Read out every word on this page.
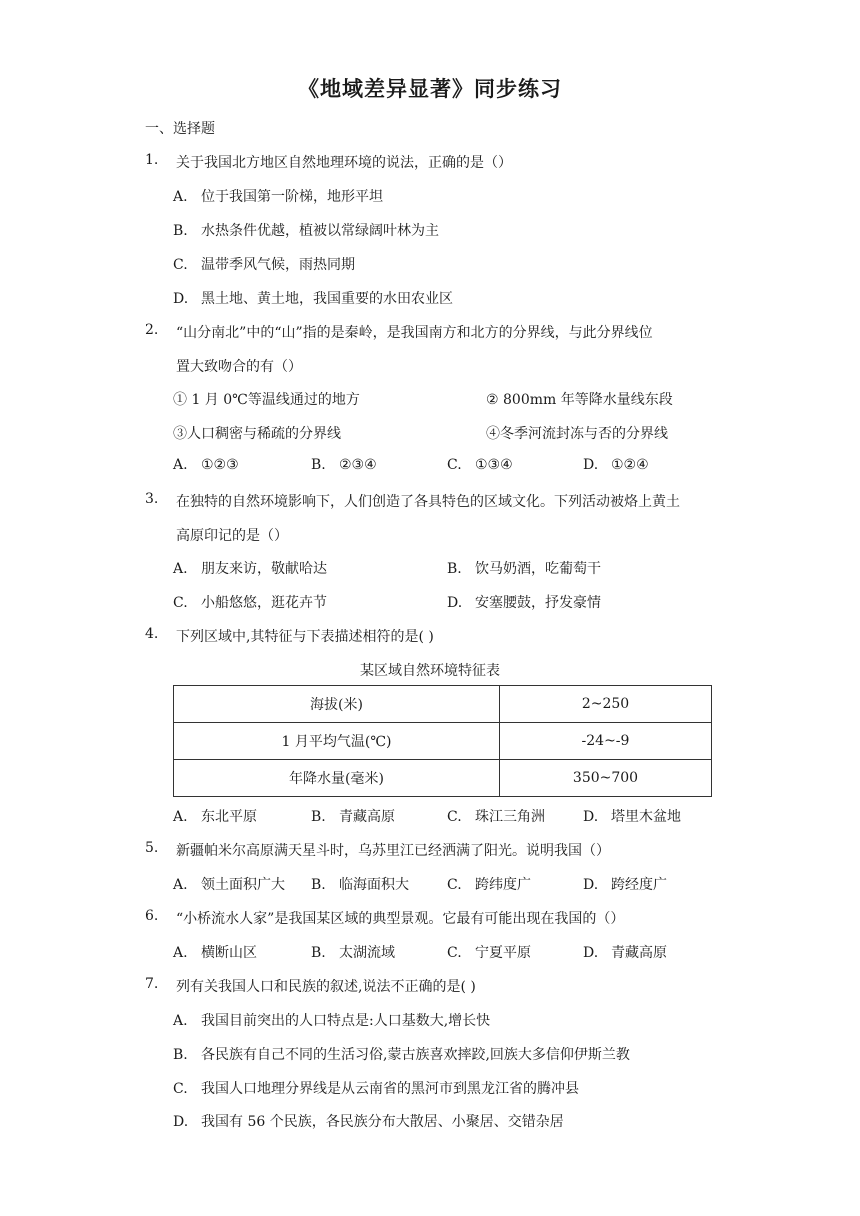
《地域差异显著》同步练习
一、选择题
1. 关于我国北方地区自然地理环境的说法，正确的是（）
A. 位于我国第一阶梯，地形平坦
B. 水热条件优越，植被以常绿阔叶林为主
C. 温带季风气候，雨热同期
D. 黑土地、黄土地，我国重要的水田农业区
2. “山分南北”中的“山”指的是秦岭，是我国南方和北方的分界线，与此分界线位
置大致吻合的有（）
① 1 月 0℃等温线通过的地方	② 800mm 年等降水量线东段
③人口稠密与稀疏的分界线	④冬季河流封冻与否的分界线
A. ①②③	B. ②③④	C. ①③④	D. ①②④
3. 在独特的自然环境影响下，人们创造了各具特色的区域文化。下列活动被烙上黄土
高原印记的是（）
A. 朋友来访，敬献哈达	B. 饮马奶酒，吃葡萄干
C. 小船悠悠，逛花卉节	D. 安塞腰鼓，抒发豪情
4. 下列区域中,其特征与下表描述相符的是( )
某区域自然环境特征表
海拔(米)	2~250
1 月平均气温(℃)	-24~-9
年降水量(毫米)	350~700
A. 东北平原	B. 青藏高原	C. 珠江三角洲	D. 塔里木盆地
5. 新疆帕米尔高原满天星斗时，乌苏里江已经洒满了阳光。说明我国（）
A. 领土面积广大 B. 临海面积大	C. 跨纬度广	D. 跨经度广
6. “小桥流水人家”是我国某区域的典型景观。它最有可能出现在我国的（）
A. 横断山区	B. 太湖流域	C. 宁夏平原	D. 青藏高原
7. 列有关我国人口和民族的叙述,说法不正确的是( )
A. 我国目前突出的人口特点是:人口基数大,增长快
B. 各民族有自己不同的生活习俗,蒙古族喜欢摔跤,回族大多信仰伊斯兰教
C. 我国人口地理分界线是从云南省的黑河市到黑龙江省的腾冲县
D. 我国有 56 个民族，各民族分布大散居、小聚居、交错杂居
